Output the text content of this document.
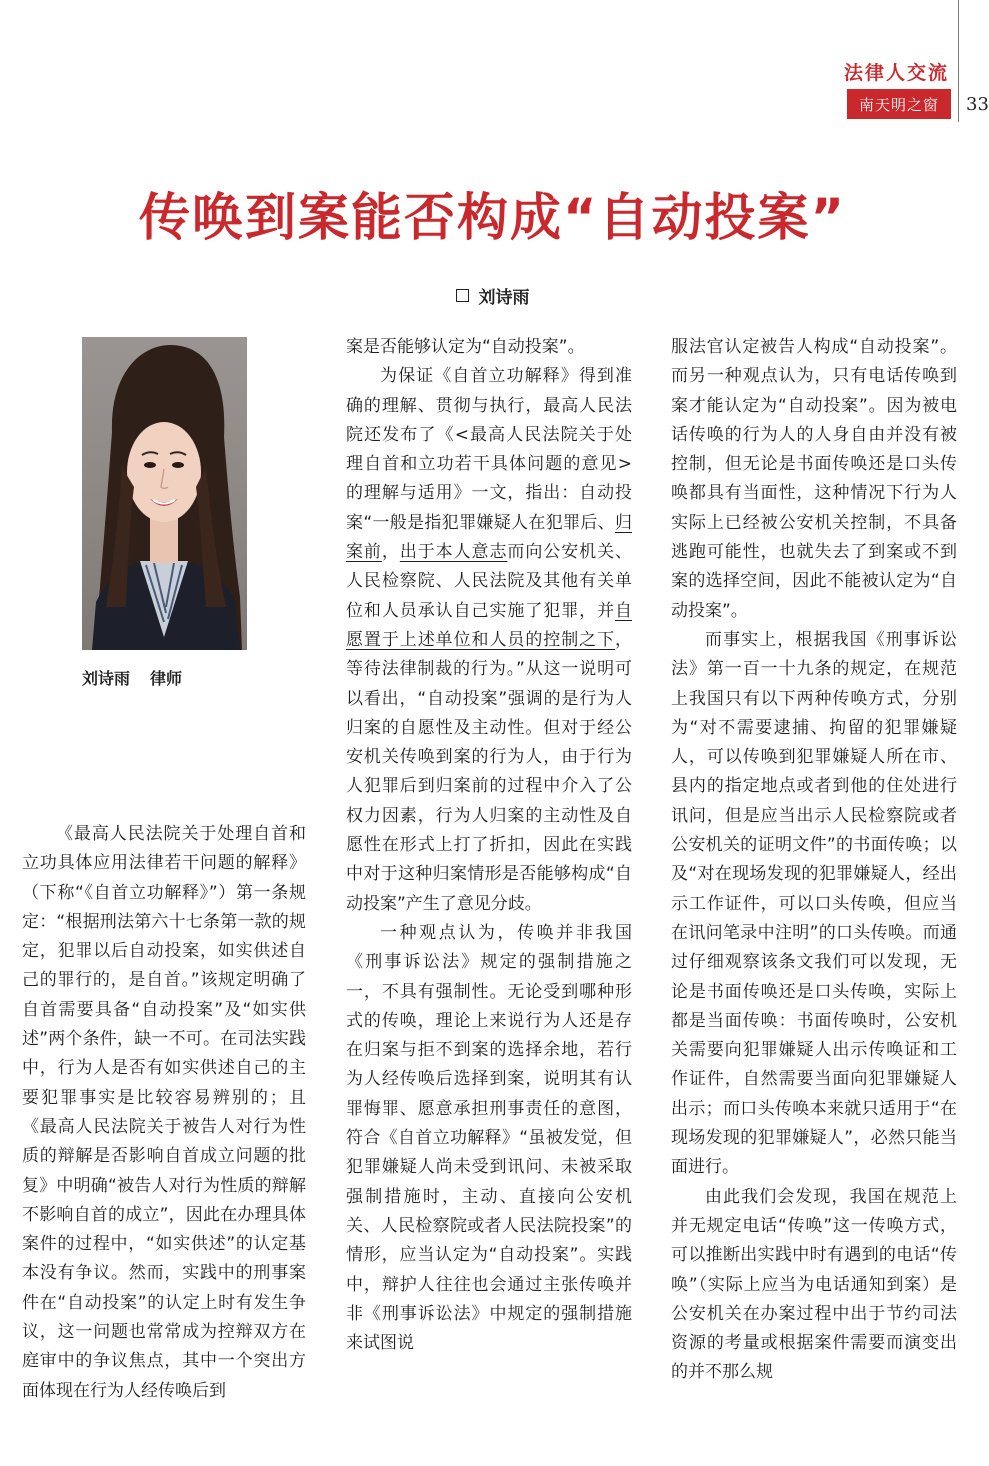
法律人交流
南天明之窗	33
传唤到案能否构成“自动投案”
刘诗雨
刘诗雨 律师

《最高人民法院关于处理自首和立功具体应用法律若干问题的解释》（下称“《自首立功解释》”）第一条规定：“根据刑法第六十七条第一款的规定，犯罪以后自动投案，如实供述自己的罪行的，是自首。”该规定明确了自首需要具备“自动投案”及“如实供述”两个条件，缺一不可。在司法实践中，行为人是否有如实供述自己的主要犯罪事实是比较容易辨别的；且《最高人民法院关于被告人对行为性质的辩解是否影响自首成立问题的批复》中明确“被告人对行为性质的辩解不影响自首的成立”，因此在办理具体案件的过程中，“如实供述”的认定基本没有争议。然而，实践中的刑事案件在“自动投案”的认定上时有发生争议，这一问题也常常成为控辩双方在庭审中的争议焦点，其中一个突出方面体现在行为人经传唤后到

案是否能够认定为“自动投案”。

为保证《自首立功解释》得到准确的理解、贯彻与执行，最高人民法院还发布了《<最高人民法院关于处理自首和立功若干具体问题的意见>的理解与适用》一文，指出：自动投案“一般是指犯罪嫌疑人在犯罪后、归案前，出于本人意志而向公安机关、人民检察院、人民法院及其他有关单位和人员承认自己实施了犯罪，并自愿置于上述单位和人员的控制之下，等待法律制裁的行为。”从这一说明可以看出，“自动投案”强调的是行为人归案的自愿性及主动性。但对于经公安机关传唤到案的行为人，由于行为人犯罪后到归案前的过程中介入了公权力因素，行为人归案的主动性及自愿性在形式上打了折扣，因此在实践中对于这种归案情形是否能够构成“自动投案”产生了意见分歧。

一种观点认为，传唤并非我国《刑事诉讼法》规定的强制措施之一，不具有强制性。无论受到哪种形式的传唤，理论上来说行为人还是存在归案与拒不到案的选择余地，若行为人经传唤后选择到案，说明其有认罪悔罪、愿意承担刑事责任的意图，符合《自首立功解释》“虽被发觉，但犯罪嫌疑人尚未受到讯问、未被采取强制措施时，主动、直接向公安机关、人民检察院或者人民法院投案”的情形，应当认定为“自动投案”。实践中，辩护人往往也会通过主张传唤并非《刑事诉讼法》中规定的强制措施来试图说

服法官认定被告人构成“自动投案”。而另一种观点认为，只有电话传唤到案才能认定为“自动投案”。因为被电话传唤的行为人的人身自由并没有被控制，但无论是书面传唤还是口头传唤都具有当面性，这种情况下行为人实际上已经被公安机关控制，不具备逃跑可能性，也就失去了到案或不到案的选择空间，因此不能被认定为“自动投案”。

而事实上，根据我国《刑事诉讼法》第一百一十九条的规定，在规范上我国只有以下两种传唤方式，分别为“对不需要逮捕、拘留的犯罪嫌疑人，可以传唤到犯罪嫌疑人所在市、县内的指定地点或者到他的住处进行讯问，但是应当出示人民检察院或者公安机关的证明文件”的书面传唤；以及“对在现场发现的犯罪嫌疑人，经出示工作证件，可以口头传唤，但应当在讯问笔录中注明”的口头传唤。而通过仔细观察该条文我们可以发现，无论是书面传唤还是口头传唤，实际上都是当面传唤：书面传唤时，公安机关需要向犯罪嫌疑人出示传唤证和工作证件，自然需要当面向犯罪嫌疑人出示；而口头传唤本来就只适用于“在现场发现的犯罪嫌疑人”，必然只能当面进行。

由此我们会发现，我国在规范上并无规定电话“传唤”这一传唤方式，可以推断出实践中时有遇到的电话“传唤”（实际上应当为电话通知到案）是公安机关在办案过程中出于节约司法资源的考量或根据案件需要而演变出的并不那么规
